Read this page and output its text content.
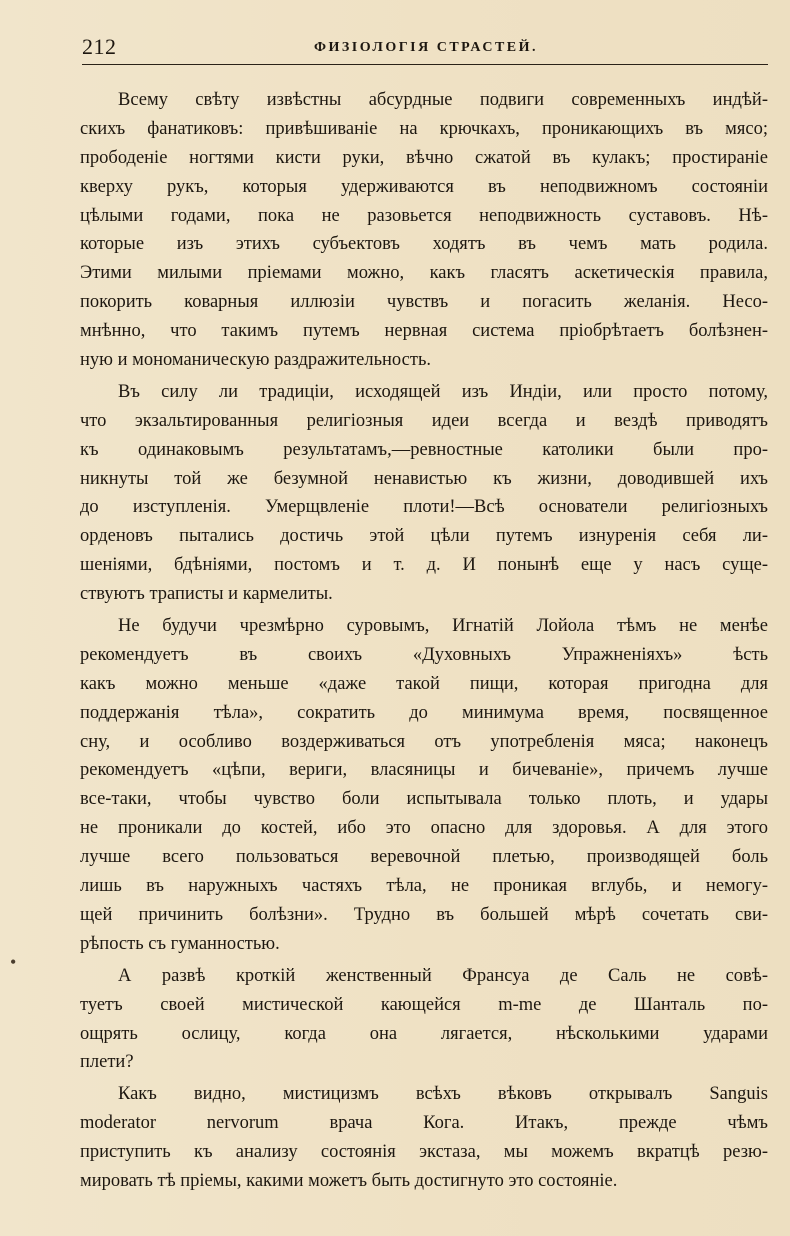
212	ФИЗІОЛОГІЯ СТРАСТЕЙ.
•
Всему свѣту извѣстны абсурдные подвиги современныхъ индѣй-
скихъ фанатиковъ: привѣшиваніе на крючкахъ, проникающихъ въ мясо;
прободеніе ногтями кисти руки, вѣчно сжатой въ кулакъ; простираніе
кверху рукъ, которыя удерживаются въ неподвижномъ состояніи
цѣлыми годами, пока не разовьется неподвижность суставовъ. Нѣ-
которые изъ этихъ субъектовъ ходятъ въ чемъ мать родила.
Этими милыми пріемами можно, какъ гласятъ аскетическія правила,
покорить коварныя иллюзіи чувствъ и погасить желанія. Несо-
мнѣнно, что такимъ путемъ нервная система пріобрѣтаетъ болѣзнен-
ную и мономаническую раздражительность.
Въ силу ли традиціи, исходящей изъ Индіи, или просто потому,
что экзальтированныя религіозныя идеи всегда и вездѣ приводятъ
къ одинаковымъ результатамъ,—ревностные католики были про-
никнуты той же безумной ненавистью къ жизни, доводившей ихъ
до изступленія. Умерщвленіе плоти!—Всѣ основатели религіозныхъ
орденовъ пытались достичь этой цѣли путемъ изнуренія себя ли-
шеніями, бдѣніями, постомъ и т. д. И понынѣ еще у насъ суще-
ствуютъ траписты и кармелиты.
Не будучи чрезмѣрно суровымъ, Игнатій Лойола тѣмъ не менѣе
рекомендуетъ въ своихъ «Духовныхъ Упражненіяхъ» ѣсть
какъ можно меньше «даже такой пищи, которая пригодна для
поддержанія тѣла», сократить до минимума время, посвященное
сну, и особливо воздерживаться отъ употребленія мяса; наконецъ
рекомендуетъ «цѣпи, вериги, власяницы и бичеваніе», причемъ лучше
все-таки, чтобы чувство боли испытывала только плоть, и удары
не проникали до костей, ибо это опасно для здоровья. А для этого
лучше всего пользоваться веревочной плетью, производящей боль
лишь въ наружныхъ частяхъ тѣла, не проникая вглубь, и немогу-
щей причинить болѣзни». Трудно въ большей мѣрѣ сочетать сви-
рѣпость съ гуманностью.
А развѣ кроткій женственный Франсуа де Саль не совѣ-
туетъ своей мистической кающейся m-me де Шанталь по-
ощрять ослицу, когда она лягается, нѣсколькими ударами
плети?
Какъ видно, мистицизмъ всѣхъ вѣковъ открывалъ Sanguis
moderator nervorum врача Кога. Итакъ, прежде чѣмъ
приступить къ анализу состоянія экстаза, мы можемъ вкратцѣ резю-
мировать тѣ пріемы, какими можетъ быть достигнуто это состояніе.
